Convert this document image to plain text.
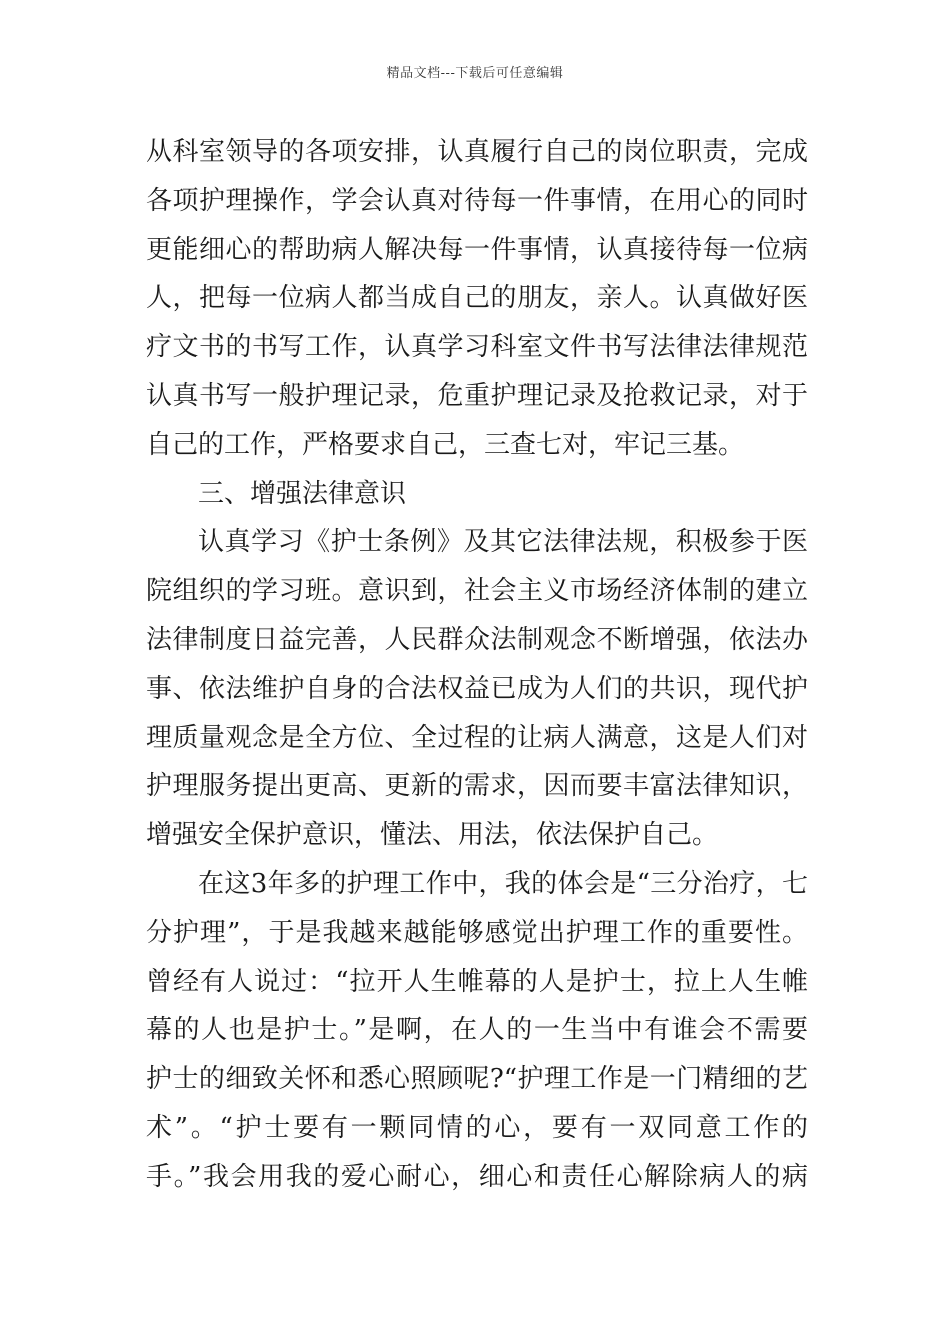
精品文档---下载后可任意编辑
从科室领导的各项安排，认真履行自己的岗位职责，完成
各项护理操作，学会认真对待每一件事情，在用心的同时
更能细心的帮助病人解决每一件事情，认真接待每一位病
人，把每一位病人都当成自己的朋友，亲人。认真做好医
疗文书的书写工作，认真学习科室文件书写法律法律规范
认真书写一般护理记录，危重护理记录及抢救记录，对于
自己的工作，严格要求自己，三查七对，牢记三基。
三、增强法律意识
认真学习《护士条例》及其它法律法规，积极参于医
院组织的学习班。意识到，社会主义市场经济体制的建立
法律制度日益完善，人民群众法制观念不断增强，依法办
事、依法维护自身的合法权益已成为人们的共识，现代护
理质量观念是全方位、全过程的让病人满意，这是人们对
护理服务提出更高、更新的需求，因而要丰富法律知识，
增强安全保护意识，懂法、用法，依法保护自己。
在这3年多的护理工作中，我的体会是“三分治疗，七
分护理”，于是我越来越能够感觉出护理工作的重要性。
曾经有人说过：“拉开人生帷幕的人是护士，拉上人生帷
幕的人也是护士。”是啊，在人的一生当中有谁会不需要
护士的细致关怀和悉心照顾呢?“护理工作是一门精细的艺
术”。“护士要有一颗同情的心，要有一双同意工作的
手。”我会用我的爱心耐心，细心和责任心解除病人的病
